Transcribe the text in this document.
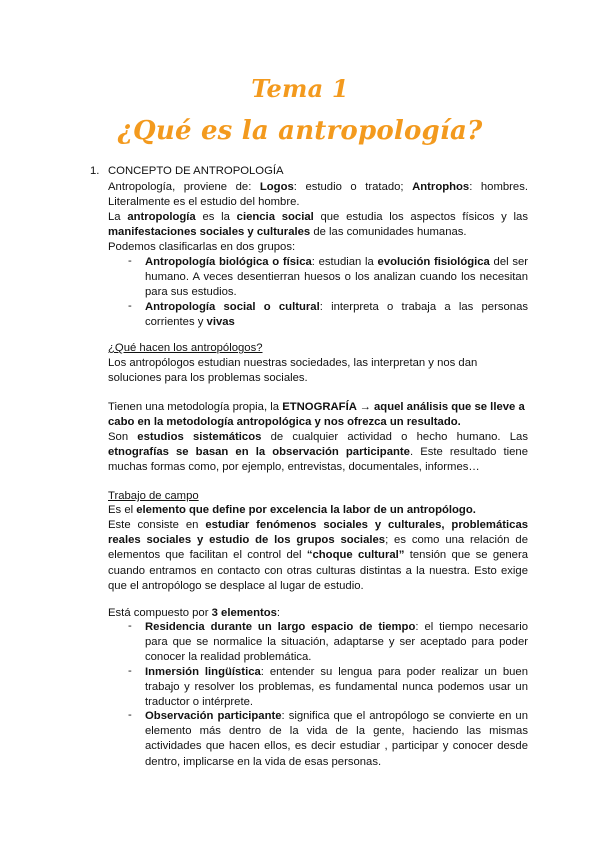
Tema 1
¿Qué es la antropología?
1. CONCEPTO DE ANTROPOLOGÍA

Antropología, proviene de: Logos: estudio o tratado; Antrophos: hombres. Literalmente es el estudio del hombre.

La antropología es la ciencia social que estudia los aspectos físicos y las manifestaciones sociales y culturales de las comunidades humanas.

Podemos clasificarlas en dos grupos:

- Antropología biológica o física: estudian la evolución fisiológica del ser humano. A veces desentierran huesos o los analizan cuando los necesitan para sus estudios.

- Antropología social o cultural: interpreta o trabaja a las personas corrientes y vivas

¿Qué hacen los antropólogos?

Los antropólogos estudian nuestras sociedades, las interpretan y nos dan soluciones para los problemas sociales.

Tienen una metodología propia, la ETNOGRAFÍA → aquel análisis que se lleve a cabo en la metodología antropológica y nos ofrezca un resultado.

Son estudios sistemáticos de cualquier actividad o hecho humano. Las etnografías se basan en la observación participante. Este resultado tiene muchas formas como, por ejemplo, entrevistas, documentales, informes…

Trabajo de campo

Es el elemento que define por excelencia la labor de un antropólogo.

Este consiste en estudiar fenómenos sociales y culturales, problemáticas reales sociales y estudio de los grupos sociales; es como una relación de elementos que facilitan el control del “choque cultural” tensión que se genera cuando entramos en contacto con otras culturas distintas a la nuestra. Esto exige que el antropólogo se desplace al lugar de estudio.

Está compuesto por 3 elementos:

- Residencia durante un largo espacio de tiempo: el tiempo necesario para que se normalice la situación, adaptarse y ser aceptado para poder conocer la realidad problemática.

- Inmersión lingüística: entender su lengua para poder realizar un buen trabajo y resolver los problemas, es fundamental nunca podemos usar un traductor o intérprete.

- Observación participante: significa que el antropólogo se convierte en un elemento más dentro de la vida de la gente, haciendo las mismas actividades que hacen ellos, es decir estudiar , participar y conocer desde dentro, implicarse en la vida de esas personas.
